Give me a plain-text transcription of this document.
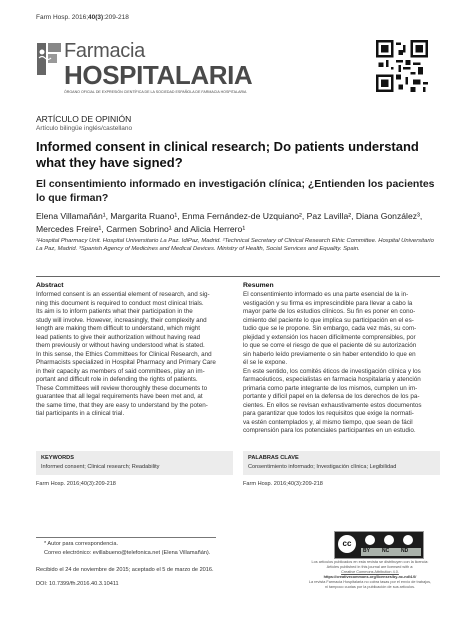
Farm Hosp. 2016;40(3):209-218
Farmacia
HOSPITALARIA
ÓRGANO OFICIAL DE EXPRESIÓN CIENTÍFICA DE LA SOCIEDAD ESPAÑOLA DE FARMACIA HOSPITALARIA
ARTÍCULO DE OPINIÓN
Artículo bilingüe inglés/castellano
Informed consent in clinical research; Do patients understand what they have signed?
El consentimiento informado en investigación clínica; ¿Entienden los pacientes lo que firman?
Elena Villamañán¹, Margarita Ruano¹, Enma Fernández-de Uzquiano², Paz Lavilla², Diana González³, Mercedes Freire¹, Carmen Sobrino¹ and Alicia Herrero¹
¹Hospital Pharmacy Unit. Hospital Universitario La Paz. IdiPaz, Madrid. ²Technical Secretary of Clinical Research Ethic Committee. Hospital Universitario La Paz, Madrid. ³Spanish Agency of Medicines and Medical Devices. Ministry of Health, Social Services and Equality. Spain.
Abstract
Informed consent is an essential element of research, and sig-
ning this document is required to conduct most clinical trials.
Its aim is to inform patients what their participation in the
study will involve. However, increasingly, their complexity and
length are making them difficult to understand, which might
lead patients to give their authorization without having read
them previously or without having understood what is stated.
In this sense, the Ethics Committees for Clinical Research, and
Pharmacists specialized in Hospital Pharmacy and Primary Care
in their capacity as members of said committees, play an im-
portant and difficult role in defending the rights of patients.
These Committees will review thoroughly these documents to
guarantee that all legal requirements have been met and, at
the same time, that they are easy to understand by the poten-
tial participants in a clinical trial.
KEYWORDS
Informed consent; Clinical research; Readability
Farm Hosp. 2016;40(3):209-218
Resumen
El consentimiento informado es una parte esencial de la in-
vestigación y su firma es imprescindible para llevar a cabo la
mayor parte de los estudios clínicos. Su fin es poner en cono-
cimiento del paciente lo que implica su participación en el es-
tudio que se le propone. Sin embargo, cada vez más, su com-
plejidad y extensión los hacen difícilmente comprensibles, por
lo que se corre el riesgo de que el paciente dé su autorización
sin haberlo leído previamente o sin haber entendido lo que en
él se le expone.
En este sentido, los comités éticos de investigación clínica y los
farmacéuticos, especialistas en farmacia hospitalaria y atención
primaria como parte integrante de los mismos, cumplen un im-
portante y difícil papel en la defensa de los derechos de los pa-
cientes. En ellos se revisan exhaustivamente estos documentos
para garantizar que todos los requisitos que exige la normati-
va estén contemplados y, al mismo tiempo, que sean de fácil
comprensión para los potenciales participantes en un estudio.
PALABRAS CLAVE
Consentimiento informado; Investigación clínica; Legibilidad
Farm Hosp. 2016;40(3):209-218
* Autor para correspondencia.
Correo electrónico: evillabueno@telefonica.net (Elena Villamañán).
Recibido el 24 de noviembre de 2015; aceptado el 5 de marzo de 2016.
DOI: 10.7399/fh.2016.40.3.10411
cc
BY NC ND
Los artículos publicados en esta revista se distribuyen con la licencia:
Articles published in this journal are licensed with a:
Creative Commons Attribution 4.0.
https://creativecommons.org/licenses/by-nc-nd/4.0/
La revista Farmacia Hospitalaria no cobra tasas por el envío de trabajos,
ni tampoco cuotas por la publicación de sus artículos.
